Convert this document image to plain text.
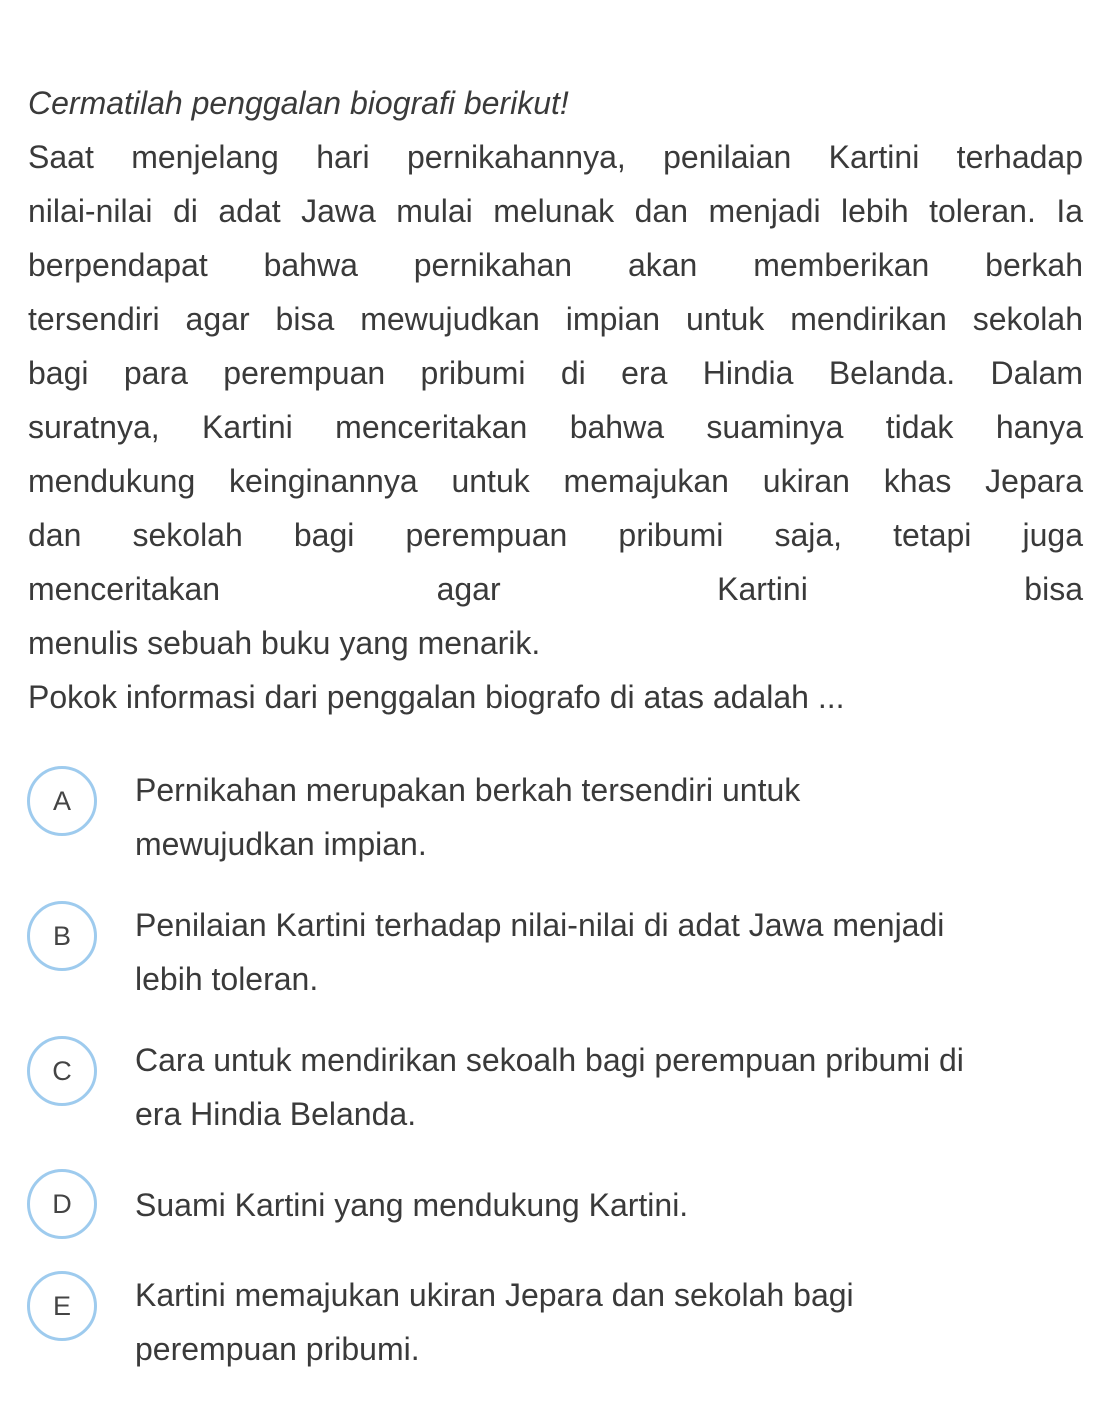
Cermatilah penggalan biografi berikut!
Saat menjelang hari pernikahannya, penilaian Kartini terhadap
nilai-nilai di adat Jawa mulai melunak dan menjadi lebih toleran. Ia
berpendapat bahwa pernikahan akan memberikan berkah
tersendiri agar bisa mewujudkan impian untuk mendirikan sekolah
bagi para perempuan pribumi di era Hindia Belanda. Dalam
suratnya, Kartini menceritakan bahwa suaminya tidak hanya
mendukung keinginannya untuk memajukan ukiran khas Jepara
dan sekolah bagi perempuan pribumi saja, tetapi juga
menceritakan agar Kartini bisa
menulis sebuah buku yang menarik.
Pokok informasi dari penggalan biografo di atas adalah ...
A	Pernikahan merupakan berkah tersendiri untuk
mewujudkan impian.
B	Penilaian Kartini terhadap nilai-nilai di adat Jawa menjadi
lebih toleran.
C	Cara untuk mendirikan sekoalh bagi perempuan pribumi di
era Hindia Belanda.
D	Suami Kartini yang mendukung Kartini.
E	Kartini memajukan ukiran Jepara dan sekolah bagi
perempuan pribumi.
